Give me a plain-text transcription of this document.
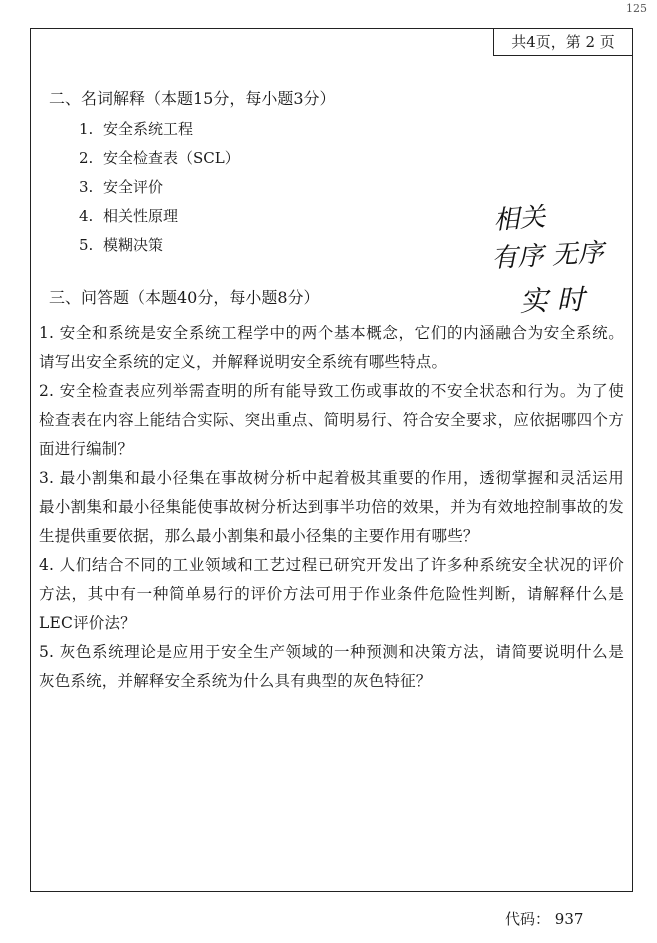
125
共4页，第 2 页
二、名词解释（本题15分，每小题3分）
1. 安全系统工程
2. 安全检查表（SCL）
3. 安全评价
4. 相关性原理
5. 模糊决策
相关
有序 无序
实 时
三、问答题（本题40分，每小题8分）

1. 安全和系统是安全系统工程学中的两个基本概念，它们的内涵融合为安全系统。请写出安全系统的定义，并解释说明安全系统有哪些特点。

2. 安全检查表应列举需查明的所有能导致工伤或事故的不安全状态和行为。为了使检查表在内容上能结合实际、突出重点、简明易行、符合安全要求，应依据哪四个方面进行编制？

3. 最小割集和最小径集在事故树分析中起着极其重要的作用，透彻掌握和灵活运用最小割集和最小径集能使事故树分析达到事半功倍的效果，并为有效地控制事故的发生提供重要依据，那么最小割集和最小径集的主要作用有哪些？

4. 人们结合不同的工业领域和工艺过程已研究开发出了许多种系统安全状况的评价方法，其中有一种简单易行的评价方法可用于作业条件危险性判断，请解释什么是LEC评价法？

5. 灰色系统理论是应用于安全生产领域的一种预测和决策方法，请简要说明什么是灰色系统，并解释安全系统为什么具有典型的灰色特征？

代码： 937
